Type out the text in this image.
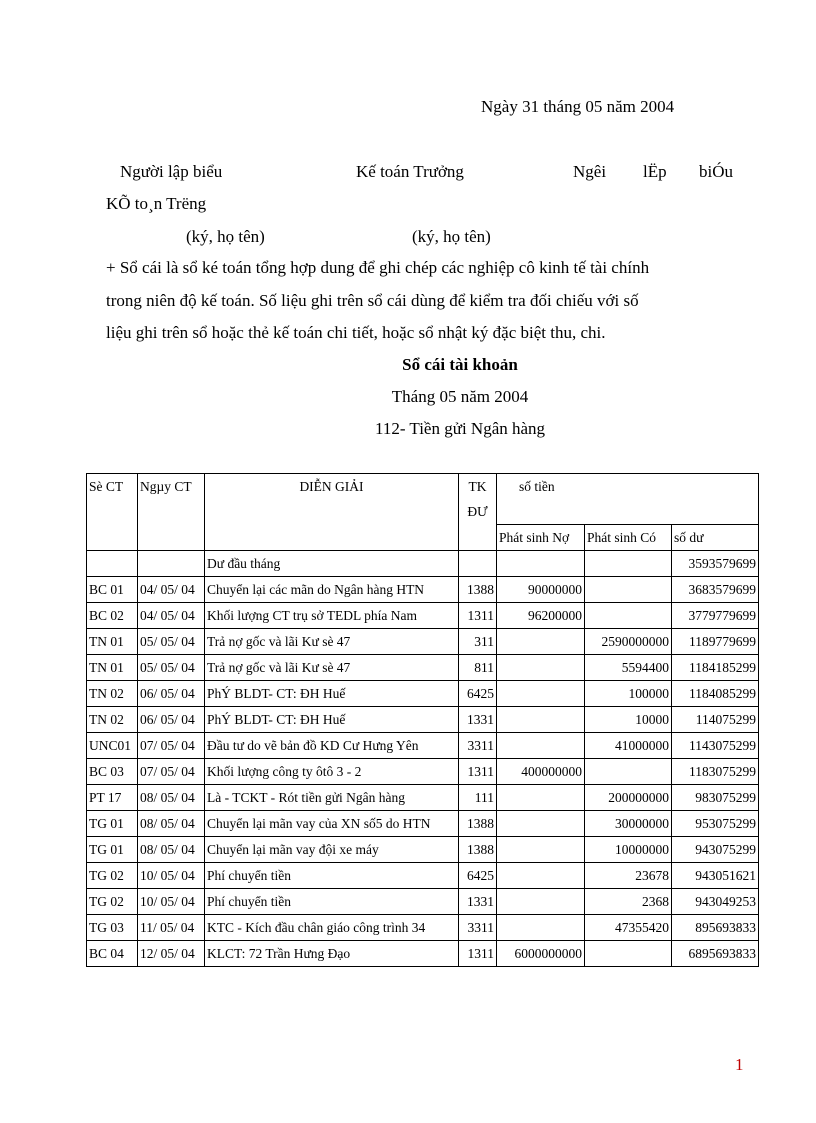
Ngày 31 tháng 05 năm 2004
Người lập biểu	Kế toán Trưởng	Ngêi lËp biÓu
KÕ to¸n Trëng
(ký, họ tên)	(ký, họ tên)
+ Sổ cái là sổ ké toán tổng hợp dung để ghi chép các nghiệp cô kinh tế tài chính
trong niên độ kế toán. Số liệu ghi trên sổ cái dùng để kiểm tra đối chiếu với số
liệu ghi trên sổ hoặc thẻ kế toán chi tiết, hoặc sổ nhật ký đặc biệt thu, chi.
Sổ cái tài khoản
Tháng 05 năm 2004
112- Tiền gửi Ngân hàng
Sè CT	Ngµy CT	DIỄN GIẢI	TK ĐƯ	số tiền		
				Phát sinh Nợ	Phát sinh Có	số dư
		Dư đầu tháng				3593579699
BC 01	04/ 05/ 04	Chuyển lại các mãn do Ngân hàng HTN	1388	90000000		3683579699
BC 02	04/ 05/ 04	Khối lượng CT trụ sở TEDL phía Nam	1311	96200000		3779779699
TN 01	05/ 05/ 04	Trả nợ gốc và lãi Kư sè 47	311		2590000000	1189779699
TN 01	05/ 05/ 04	Trả nợ gốc và lãi Kư sè 47	811		5594400	1184185299
TN 02	06/ 05/ 04	PhÝ BLDT- CT: ĐH Huế	6425		100000	1184085299
TN 02	06/ 05/ 04	PhÝ BLDT- CT: ĐH Huế	1331		10000	114075299
UNC01	07/ 05/ 04	Đầu tư do vẽ bản đồ KD Cư Hưng Yên	3311		41000000	1143075299
BC 03	07/ 05/ 04	Khối lượng công ty ôtô 3 - 2	1311	400000000		1183075299
PT 17	08/ 05/ 04	Là - TCKT - Rót tiền gửi Ngân hàng	111		200000000	983075299
TG 01	08/ 05/ 04	Chuyển lại mãn vay của XN số5 do HTN	1388		30000000	953075299
TG 01	08/ 05/ 04	Chuyển lại mãn vay đội xe máy	1388		10000000	943075299
TG 02	10/ 05/ 04	Phí chuyển tiền	6425		23678	943051621
TG 02	10/ 05/ 04	Phí chuyển tiền	1331		2368	943049253
TG 03	11/ 05/ 04	KTC - Kích đầu chân giáo công trình 34	3311		47355420	895693833
BC 04	12/ 05/ 04	KLCT: 72 Trần Hưng Đạo	1311	6000000000		6895693833
1
